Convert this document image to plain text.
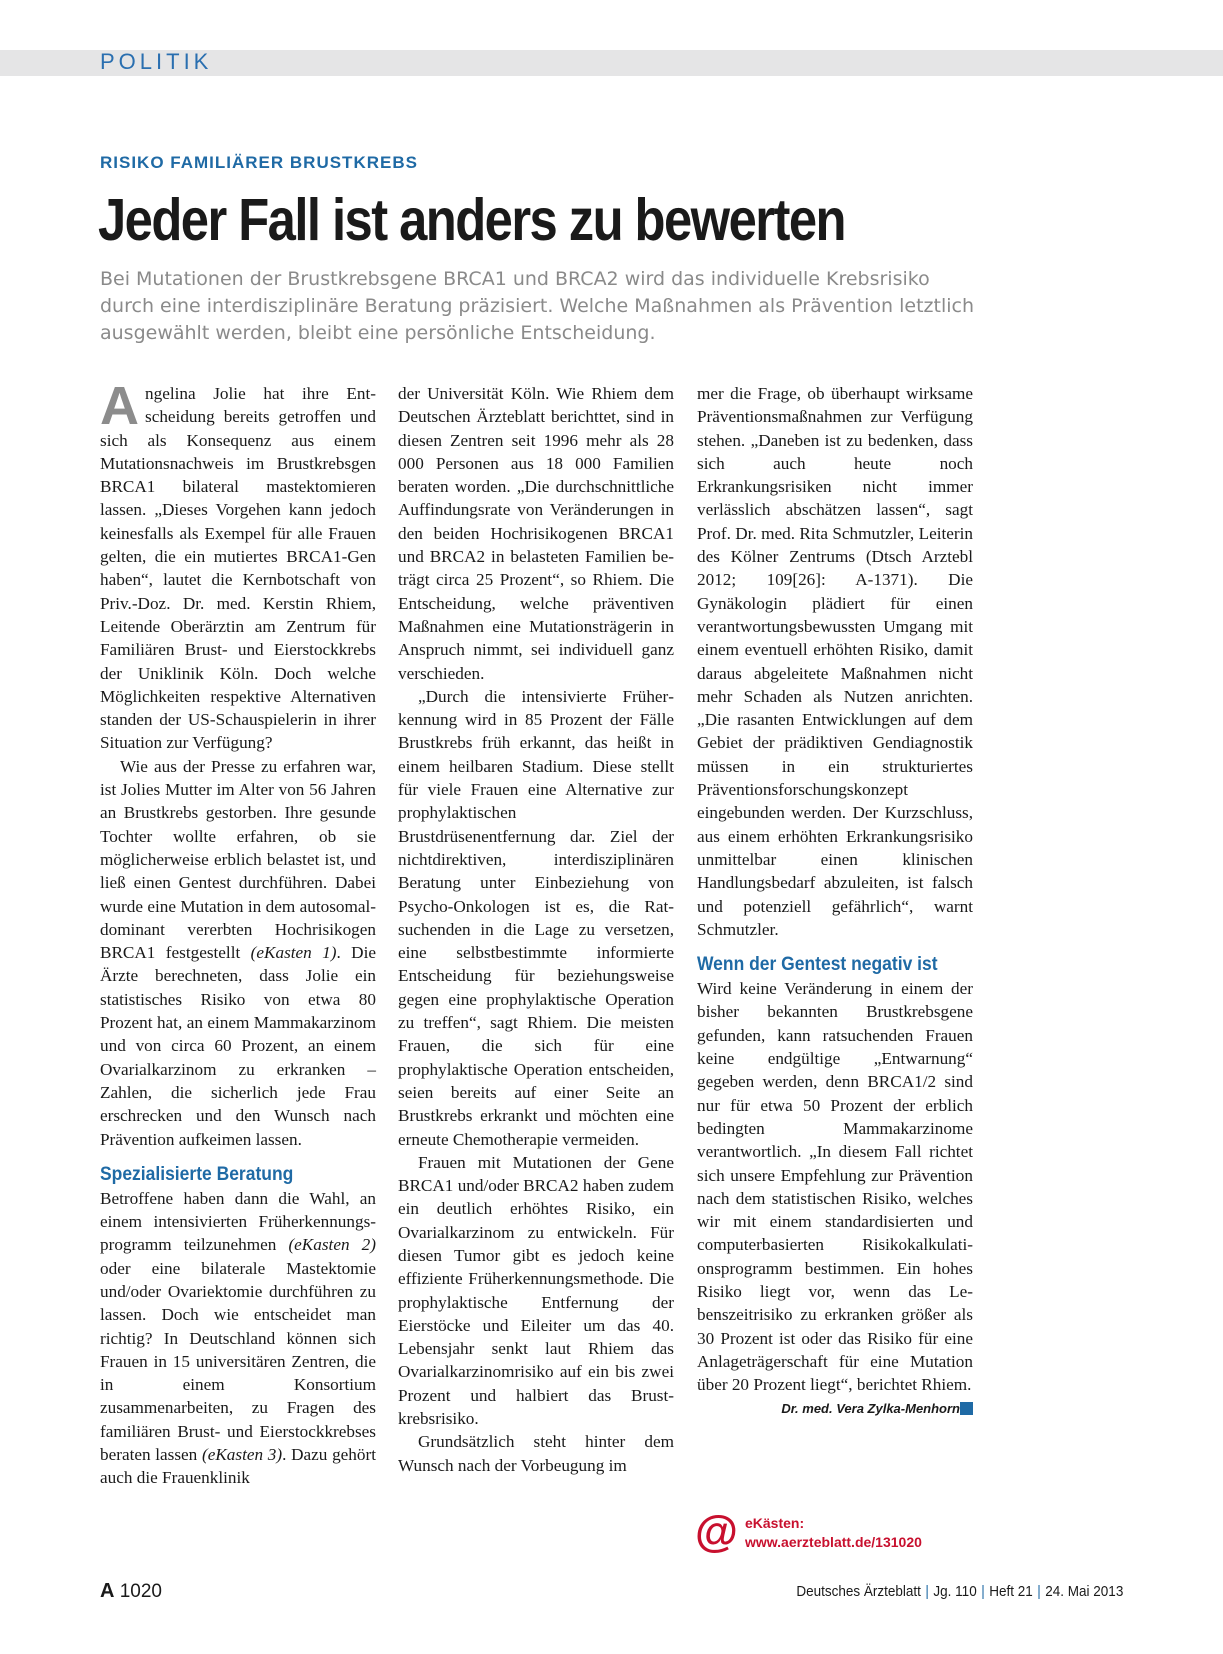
POLITIK
RISIKO FAMILIÄRER BRUSTKREBS
Jeder Fall ist anders zu bewerten

Bei Mutationen der Brustkrebsgene BRCA1 und BRCA2 wird das individuelle Krebsrisiko durch eine interdisziplinäre Beratung präzisiert. Welche Maßnahmen als Prävention letztlich ausgewählt werden, bleibt eine persönliche Entscheidung.

Angelina Jolie hat ihre Entscheidung bereits getroffen und sich als Konsequenz aus einem Mutationsnachweis im Brustkrebsgen BRCA1 bilateral mastektomieren lassen. „Dieses Vorgehen kann jedoch keinesfalls als Exempel für alle Frauen gelten, die ein mutiertes BRCA1-Gen haben“, lautet die Kernbotschaft von Priv.-Doz. Dr. med. Kerstin Rhiem, Leitende Oberärztin am Zentrum für Familiären Brust- und Eierstockkrebs der Uniklinik Köln. Doch welche Möglichkeiten respektive Alternativen standen der US-Schauspielerin in ihrer Situation zur Verfügung?

Wie aus der Presse zu erfahren war, ist Jolies Mutter im Alter von 56 Jahren an Brustkrebs gestorben. Ihre gesunde Tochter wollte erfahren, ob sie möglicherweise erblich belastet ist, und ließ einen Gentest durchführen. Dabei wurde eine Mutation in dem autosomal-dominant vererbten Hochrisikogen BRCA1 festgestellt (eKasten 1). Die Ärzte berechneten, dass Jolie ein statistisches Risiko von etwa 80 Prozent hat, an einem Mammakarzinom und von circa 60 Prozent, an einem Ovarialkarzinom zu erkranken – Zahlen, die sicherlich jede Frau erschrecken und den Wunsch nach Prävention aufkeimen lassen.

Spezialisierte Beratung

Betroffene haben dann die Wahl, an einem intensivierten Früherkennungsprogramm teilzunehmen (eKasten 2) oder eine bilaterale Mastektomie und/oder Ovariektomie durchführen zu lassen. Doch wie entscheidet man richtig? In Deutschland können sich Frauen in 15 universitären Zentren, die in einem Konsortium zusammenarbeiten, zu Fragen des familiären Brust- und Eierstockkrebses beraten lassen (eKasten 3). Dazu gehört auch die Frauenklinik

der Universität Köln. Wie Rhiem dem Deutschen Ärzteblatt berichttet, sind in diesen Zentren seit 1996 mehr als 28 000 Personen aus 18 000 Familien beraten worden. „Die durchschnittliche Auffindungsrate von Veränderungen in den beiden Hochrisikogenen BRCA1 und BRCA2 in belasteten Familien beträgt circa 25 Prozent“, so Rhiem. Die Entscheidung, welche präventiven Maßnahmen eine Mutationsträgerin in Anspruch nimmt, sei individuell ganz verschieden.

„Durch die intensivierte Früherkennung wird in 85 Prozent der Fälle Brustkrebs früh erkannt, das heißt in einem heilbaren Stadium. Diese stellt für viele Frauen eine Alternative zur prophylaktischen Brustdrüsenentfernung dar. Ziel der nichtdirektiven, interdisziplinären Beratung unter Einbeziehung von Psycho-Onkologen ist es, die Ratsuchenden in die Lage zu versetzen, eine selbstbestimmte informierte Entscheidung für beziehungsweise gegen eine prophylaktische Operation zu treffen“, sagt Rhiem. Die meisten Frauen, die sich für eine prophylaktische Operation entscheiden, seien bereits auf einer Seite an Brustkrebs erkrankt und möchten eine erneute Chemotherapie vermeiden.

Frauen mit Mutationen der Gene BRCA1 und/oder BRCA2 haben zudem ein deutlich erhöhtes Risiko, ein Ovarialkarzinom zu entwickeln. Für diesen Tumor gibt es jedoch keine effiziente Früherkennungsmethode. Die prophylaktische Entfernung der Eierstöcke und Eileiter um das 40. Lebensjahr senkt laut Rhiem das Ovarialkarzinomrisiko auf ein bis zwei Prozent und halbiert das Brustkrebsrisiko.

Grundsätzlich steht hinter dem Wunsch nach der Vorbeugung im

mer die Frage, ob überhaupt wirksame Präventionsmaßnahmen zur Verfügung stehen. „Daneben ist zu bedenken, dass sich auch heute noch Erkrankungsrisiken nicht immer verlässlich abschätzen lassen“, sagt Prof. Dr. med. Rita Schmutzler, Leiterin des Kölner Zentrums (Dtsch Arztebl 2012; 109[26]: A-1371). Die Gynäkologin plädiert für einen verantwortungsbewussten Umgang mit einem eventuell erhöhten Risiko, damit daraus abgeleitete Maßnahmen nicht mehr Schaden als Nutzen anrichten. „Die rasanten Entwicklungen auf dem Gebiet der prädiktiven Gendiagnostik müssen in ein strukturiertes Präventionsforschungskonzept eingebunden werden. Der Kurzschluss, aus einem erhöhten Erkrankungsrisiko unmittelbar einen klinischen Handlungsbedarf abzuleiten, ist falsch und potenziell gefährlich“, warnt Schmutzler.

Wenn der Gentest negativ ist

Wird keine Veränderung in einem der bisher bekannten Brustkrebsgene gefunden, kann ratsuchenden Frauen keine endgültige „Entwarnung“ gegeben werden, denn BRCA1/2 sind nur für etwa 50 Prozent der erblich bedingten Mammakarzinome verantwortlich. „In diesem Fall richtet sich unsere Empfehlung zur Prävention nach dem statistischen Risiko, welches wir mit einem standardisierten und computerbasierten Risikokalkulationsprogramm bestimmen. Ein hohes Risiko liegt vor, wenn das Lebenszeitrisiko zu erkranken größer als 30 Prozent ist oder das Risiko für eine Anlageträgerschaft für eine Mutation über 20 Prozent liegt“, berichtet Rhiem.

Dr. med. Vera Zylka-Menhorn
@ eKästen:
www.aerzteblatt.de/131020
A 1020	Deutsches Ärzteblatt | Jg. 110 | Heft 21 | 24. Mai 2013
